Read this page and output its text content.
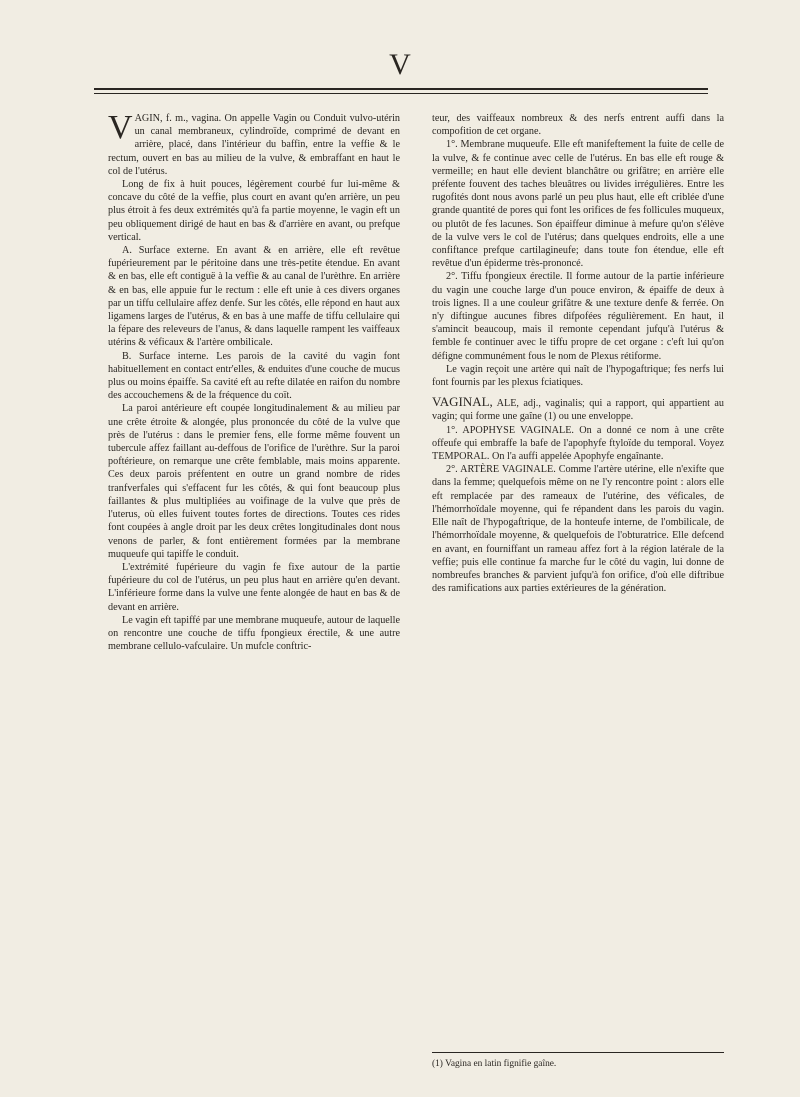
V

VAGIN, f. m., vagina. On appelle Vagin ou Conduit vulvo-utérin un canal membraneux, cylindroïde, comprimé de devant en arrière, placé, dans l'intérieur du baffin, entre la veffie & le rectum, ouvert en bas au milieu de la vulve, & embraffant en haut le col de l'utérus.

Long de fix à huit pouces, légèrement courbé fur lui-même & concave du côté de la veffie, plus court en avant qu'en arrière, un peu plus étroit à fes deux extrémités qu'à fa partie moyenne, le vagin eft un peu obliquement dirigé de haut en bas & d'arrière en avant, ou prefque vertical.

A. Surface externe. En avant & en arrière, elle eft revêtue fupérieurement par le péritoine dans une très-petite étendue. En avant & en bas, elle eft contiguë à la veffie & au canal de l'urèthre. En arrière & en bas, elle appuie fur le rectum : elle eft unie à ces divers organes par un tiffu cellulaire affez denfe. Sur les côtés, elle répond en haut aux ligamens larges de l'utérus, & en bas à une maffe de tiffu cellulaire qui la fépare des releveurs de l'anus, & dans laquelle rampent les vaiffeaux utérins & véficaux & l'artère ombilicale.

B. Surface interne. Les parois de la cavité du vagin font habituellement en contact entr'elles, & enduites d'une couche de mucus plus ou moins épaiffe. Sa cavité eft au refte dilatée en raifon du nombre des accouchemens & de la fréquence du coït.

La paroi antérieure eft coupée longitudinalement & au milieu par une crête étroite & alongée, plus prononcée du côté de la vulve que près de l'utérus : dans le premier fens, elle forme même fouvent un tubercule affez faillant au-deffous de l'orifice de l'urèthre. Sur la paroi poftérieure, on remarque une crête femblable, mais moins apparente. Ces deux parois préfentent en outre un grand nombre de rides tranfverfales qui s'effacent fur les côtés, & qui font beaucoup plus faillantes & plus multipliées au voifinage de la vulve que près de l'uterus, où elles fuivent toutes fortes de directions. Toutes ces rides font coupées à angle droit par les deux crêtes longitudinales dont nous venons de parler, & font entièrement formées par la membrane muqueufe qui tapiffe le conduit.

L'extrémité fupérieure du vagin fe fixe autour de la partie fupérieure du col de l'utérus, un peu plus haut en arrière qu'en devant. L'inférieure forme dans la vulve une fente alongée de haut en bas & de devant en arrière.

Le vagin eft tapiffé par une membrane muqueufe, autour de laquelle on rencontre une couche de tiffu fpongieux érectile, & une autre membrane cellulo-vafculaire. Un mufcle conftric-

teur, des vaiffeaux nombreux & des nerfs entrent auffi dans la compofition de cet organe.

1°. Membrane muqueufe. Elle eft manifeftement la fuite de celle de la vulve, & fe continue avec celle de l'utérus. En bas elle eft rouge & vermeille; en haut elle devient blanchâtre ou grifâtre; en arrière elle préfente fouvent des taches bleuâtres ou livides irrégulières. Entre les rugofités dont nous avons parlé un peu plus haut, elle eft criblée d'une grande quantité de pores qui font les orifices de fes follicules muqueux, ou plutôt de fes lacunes. Son épaiffeur diminue à mefure qu'on s'élève de la vulve vers le col de l'utérus; dans quelques endroits, elle a une confiftance prefque cartilagineufe; dans toute fon étendue, elle eft revêtue d'un épiderme très-prononcé.

2°. Tiffu fpongieux érectile. Il forme autour de la partie inférieure du vagin une couche large d'un pouce environ, & épaiffe de deux à trois lignes. Il a une couleur grifâtre & une texture denfe & ferrée. On n'y diftingue aucunes fibres difpofées régulièrement. En haut, il s'amincit beaucoup, mais il remonte cependant jufqu'à l'utérus & femble fe continuer avec le tiffu propre de cet organe : c'eft lui qu'on défigne communément fous le nom de Plexus rétiforme.

Le vagin reçoit une artère qui naît de l'hypogaftrique; fes nerfs lui font fournis par les plexus fciatiques.

VAGINAL, ALE, adj., vaginalis; qui a rapport, qui appartient au vagin; qui forme une gaîne (1) ou une enveloppe.

1°. APOPHYSE VAGINALE. On a donné ce nom à une crête offeufe qui embraffe la bafe de l'apophyfe ftyloïde du temporal. Voyez TEMPORAL. On l'a auffi appelée Apophyfe engaînante.

2°. ARTÈRE VAGINALE. Comme l'artère utérine, elle n'exifte que dans la femme; quelquefois même on ne l'y rencontre point : alors elle eft remplacée par des rameaux de l'utérine, des véficales, de l'hémorrhoïdale moyenne, qui fe répandent dans les parois du vagin. Elle naît de l'hypogaftrique, de la honteufe interne, de l'ombilicale, de l'hémorrhoïdale moyenne, & quelquefois de l'obturatrice. Elle defcend en avant, en fourniffant un rameau affez fort à la région latérale de la veffie; puis elle continue fa marche fur le côté du vagin, lui donne de nombreufes branches & parvient jufqu'à fon orifice, d'où elle diftribue des ramifications aux parties extérieures de la génération.

(1) Vagina en latin fignifie gaîne.
